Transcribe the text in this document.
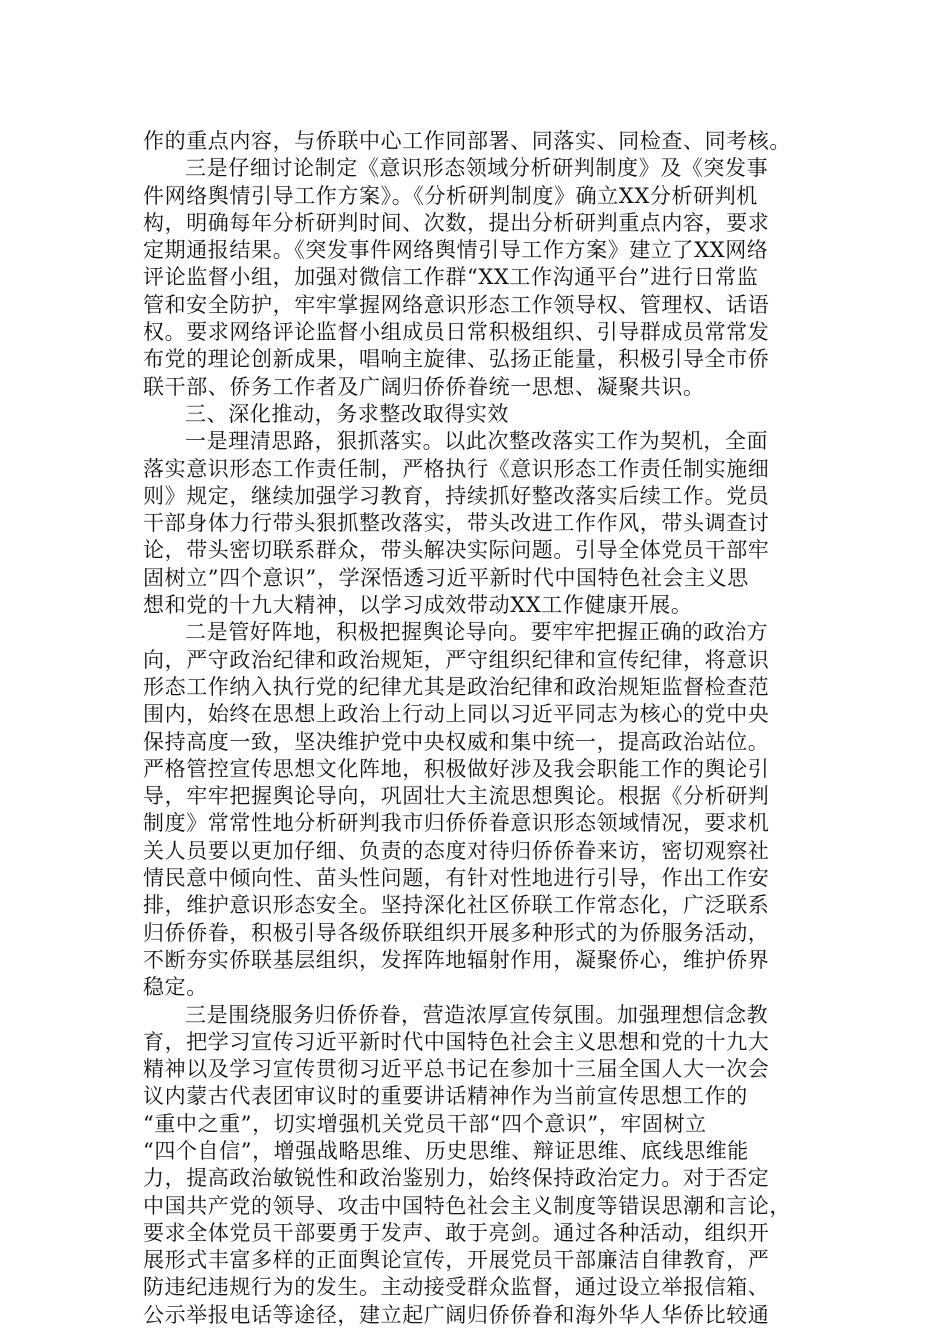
作的重点内容，与侨联中心工作同部署、同落实、同检查、同考核。
三是仔细讨论制定《意识形态领域分析研判制度》及《突发事
件网络舆情引导工作方案》。《分析研判制度》确立XX分析研判机
构，明确每年分析研判时间、次数，提出分析研判重点内容，要求
定期通报结果。《突发事件网络舆情引导工作方案》建立了XX网络
评论监督小组，加强对微信工作群“XX工作沟通平台”进行日常监
管和安全防护，牢牢掌握网络意识形态工作领导权、管理权、话语
权。要求网络评论监督小组成员日常积极组织、引导群成员常常发
布党的理论创新成果，唱响主旋律、弘扬正能量，积极引导全市侨
联干部、侨务工作者及广阔归侨侨眷统一思想、凝聚共识。
三、深化推动，务求整改取得实效
一是理清思路，狠抓落实。以此次整改落实工作为契机，全面
落实意识形态工作责任制，严格执行《意识形态工作责任制实施细
则》规定，继续加强学习教育，持续抓好整改落实后续工作。党员
干部身体力行带头狠抓整改落实，带头改进工作作风，带头调查讨
论，带头密切联系群众，带头解决实际问题。引导全体党员干部牢
固树立”四个意识”，学深悟透习近平新时代中国特色社会主义思
想和党的十九大精神，以学习成效带动XX工作健康开展。
二是管好阵地，积极把握舆论导向。要牢牢把握正确的政治方
向，严守政治纪律和政治规矩，严守组织纪律和宣传纪律，将意识
形态工作纳入执行党的纪律尤其是政治纪律和政治规矩监督检查范
围内，始终在思想上政治上行动上同以习近平同志为核心的党中央
保持高度一致，坚决维护党中央权威和集中统一，提高政治站位。
严格管控宣传思想文化阵地，积极做好涉及我会职能工作的舆论引
导，牢牢把握舆论导向，巩固壮大主流思想舆论。根据《分析研判
制度》常常性地分析研判我市归侨侨眷意识形态领域情况，要求机
关人员要以更加仔细、负责的态度对待归侨侨眷来访，密切观察社
情民意中倾向性、苗头性问题，有针对性地进行引导，作出工作安
排，维护意识形态安全。坚持深化社区侨联工作常态化，广泛联系
归侨侨眷，积极引导各级侨联组织开展多种形式的为侨服务活动，
不断夯实侨联基层组织，发挥阵地辐射作用，凝聚侨心，维护侨界
稳定。
三是围绕服务归侨侨眷，营造浓厚宣传氛围。加强理想信念教
育，把学习宣传习近平新时代中国特色社会主义思想和党的十九大
精神以及学习宣传贯彻习近平总书记在参加十三届全国人大一次会
议内蒙古代表团审议时的重要讲话精神作为当前宣传思想工作的
“重中之重”，切实增强机关党员干部“四个意识”，牢固树立
“四个自信”，增强战略思维、历史思维、辩证思维、底线思维能
力，提高政治敏锐性和政治鉴别力，始终保持政治定力。对于否定
中国共产党的领导、攻击中国特色社会主义制度等错误思潮和言论，
要求全体党员干部要勇于发声、敢于亮剑。通过各种活动，组织开
展形式丰富多样的正面舆论宣传，开展党员干部廉洁自律教育，严
防违纪违规行为的发生。主动接受群众监督，通过设立举报信箱、
公示举报电话等途径，建立起广阔归侨侨眷和海外华人华侨比较通
